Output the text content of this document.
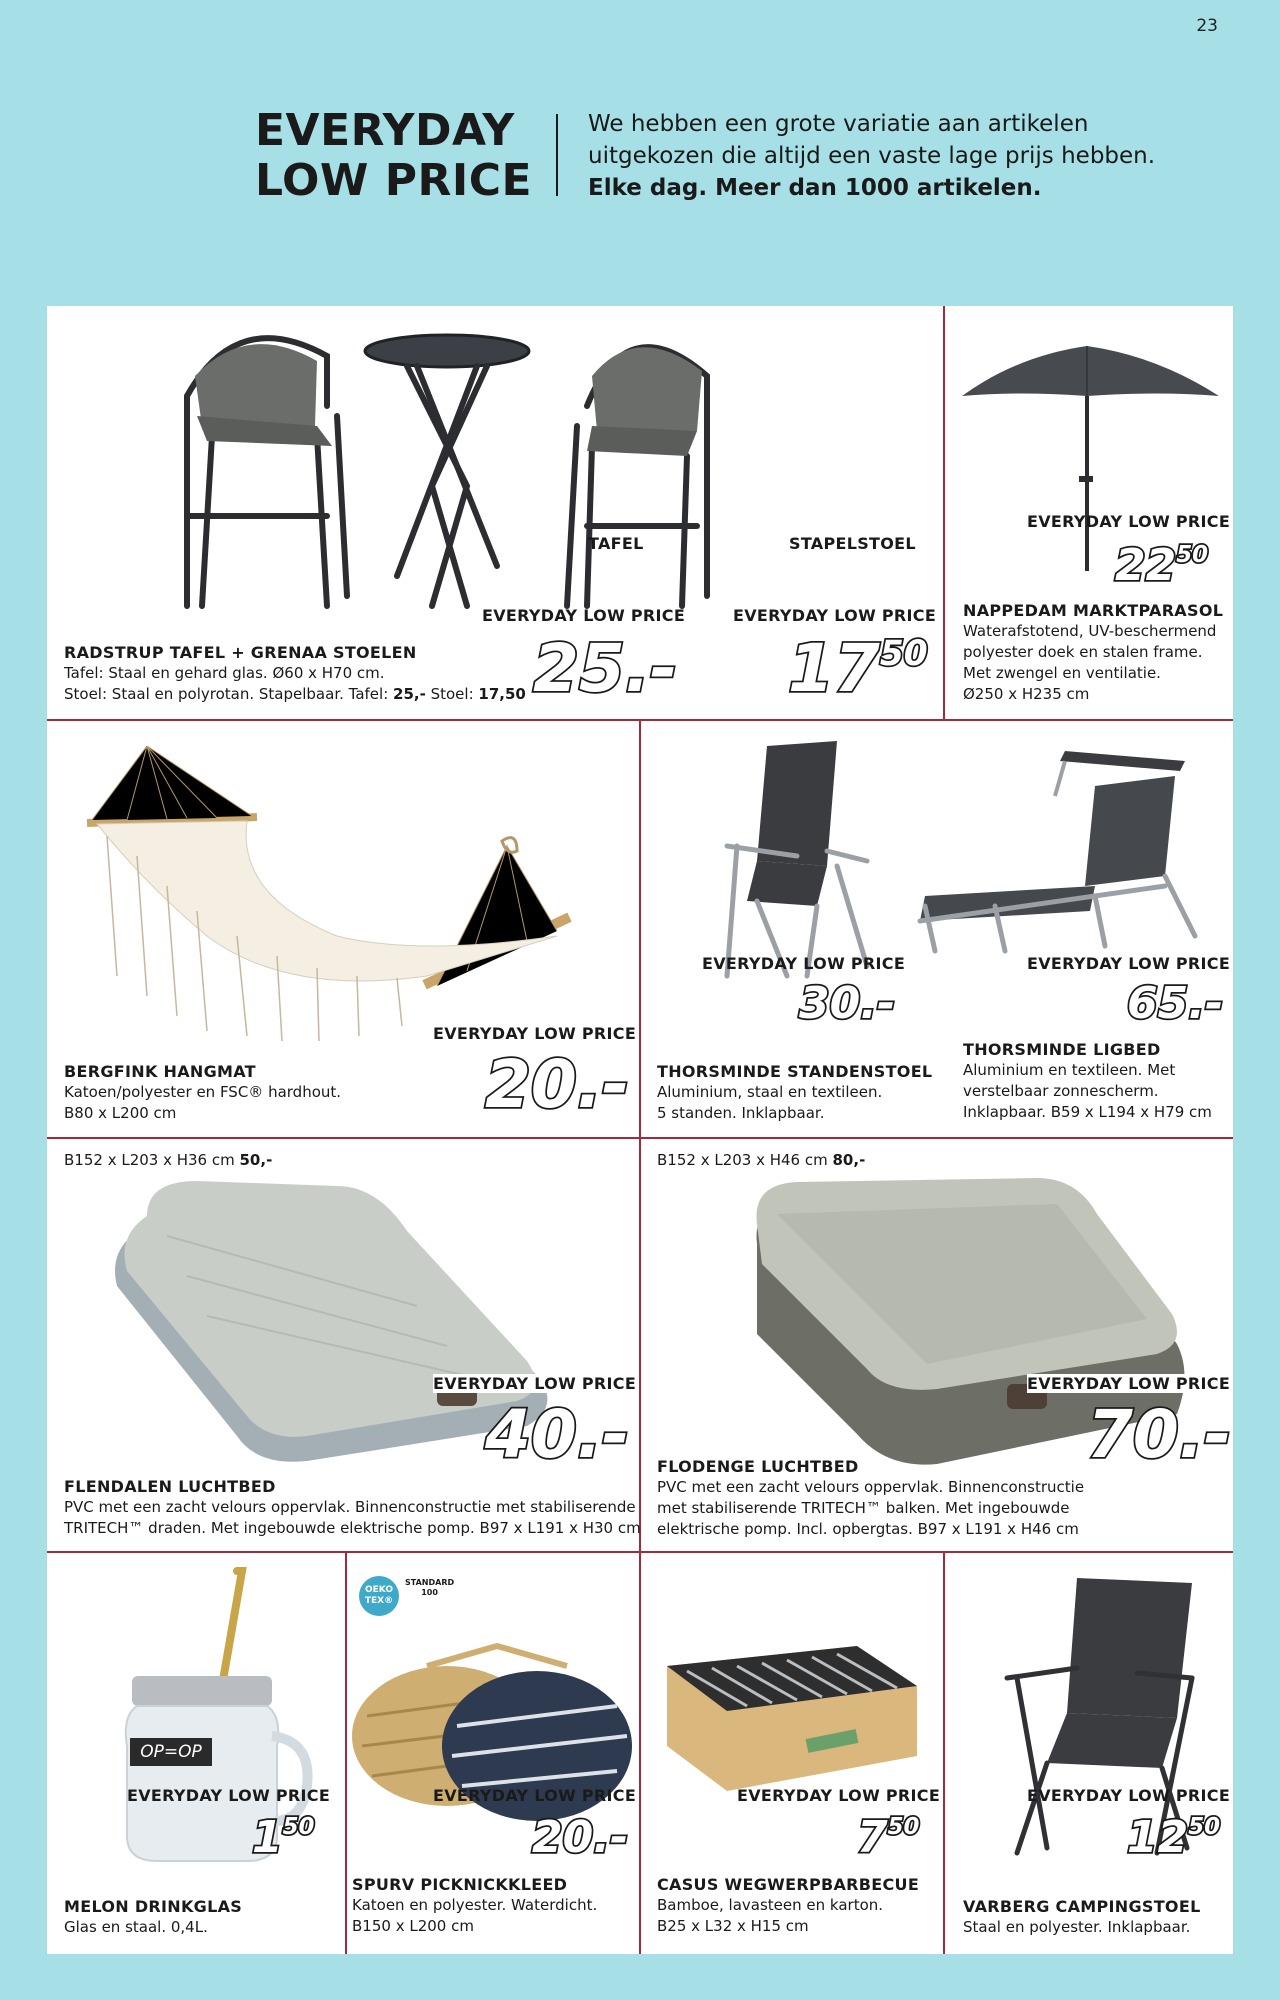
23
EVERYDAY
LOW PRICE
We hebben een grote variatie aan artikelen
uitgekozen die altijd een vaste lage prijs hebben.
Elke dag. Meer dan 1000 artikelen.
TAFEL	STAPELSTOEL
EVERYDAY LOW PRICE	EVERYDAY LOW PRICE
25.- $17^{50}$
RADSTRUP TAFEL + GRENAA STOELEN
Tafel: Staal en gehard glas. Ø60 x H70 cm.
Stoel: Staal en polyrotan. Stapelbaar. Tafel: 25,- Stoel: 17,50
EVERYDAY LOW PRICE
$22^{50}$
NAPPEDAM MARKTPARASOL
Waterafstotend, UV-beschermend
polyester doek en stalen frame.
Met zwengel en ventilatie.
Ø250 x H235 cm
EVERYDAY LOW PRICE
20.-
BERGFINK HANGMAT
Katoen/polyester en FSC® hardhout.
B80 x L200 cm
EVERYDAY LOW PRICE
30.-
THORSMINDE STANDENSTOEL
Aluminium, staal en textileen.
5 standen. Inklapbaar.
EVERYDAY LOW PRICE
65.-
THORSMINDE LIGBED
Aluminium en textileen. Met
verstelbaar zonnescherm.
Inklapbaar. B59 x L194 x H79 cm
B152 x L203 x H36 cm 50,-
EVERYDAY LOW PRICE
40.-
FLENDALEN LUCHTBED
PVC met een zacht velours oppervlak. Binnenconstructie met stabiliserende
TRITECH™ draden. Met ingebouwde elektrische pomp. B97 x L191 x H30 cm
B152 x L203 x H46 cm 80,-
EVERYDAY LOW PRICE
70.-
FLODENGE LUCHTBED
PVC met een zacht velours oppervlak. Binnenconstructie
met stabiliserende TRITECH™ balken. Met ingebouwde
elektrische pomp. Incl. opbergtas. B97 x L191 x H46 cm
OP=OP
EVERYDAY LOW PRICE
$1^{50}$
MELON DRINKGLAS
Glas en staal. 0,4L.
OEKO
TEX®
STANDARD
100
EVERYDAY LOW PRICE
20.-
SPURV PICKNICKKLEED
Katoen en polyester. Waterdicht.
B150 x L200 cm
EVERYDAY LOW PRICE
$7^{50}$
CASUS WEGWERPBARBECUE
Bamboe, lavasteen en karton.
B25 x L32 x H15 cm
EVERYDAY LOW PRICE
$12^{50}$
VARBERG CAMPINGSTOEL
Staal en polyester. Inklapbaar.
